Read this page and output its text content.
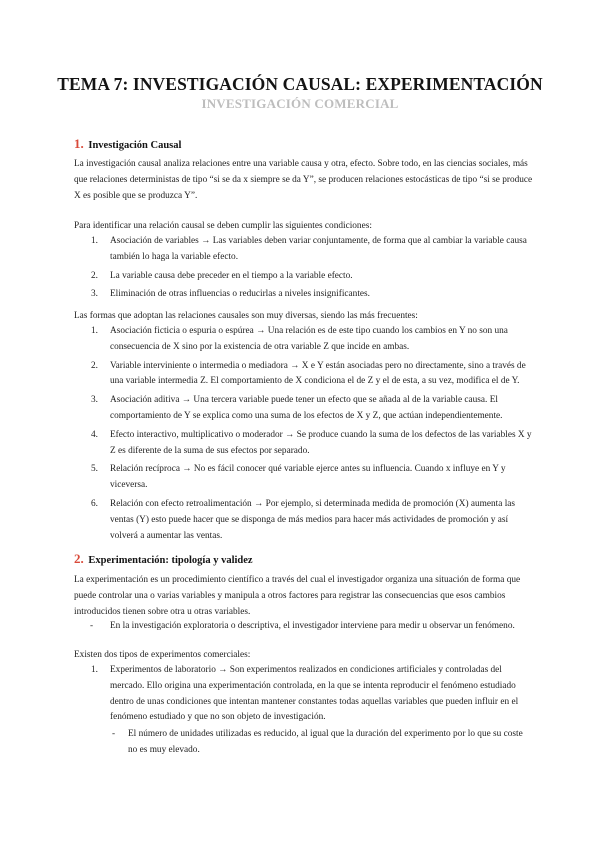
TEMA 7: INVESTIGACIÓN CAUSAL: EXPERIMENTACIÓN
INVESTIGACIÓN COMERCIAL
1. Investigación Causal
La investigación causal analiza relaciones entre una variable causa y otra, efecto. Sobre todo, en las ciencias sociales, más que relaciones deterministas de tipo “si se da x siempre se da Y”, se producen relaciones estocásticas de tipo “si se produce X es posible que se produzca Y”.
Para identificar una relación causal se deben cumplir las siguientes condiciones:
1. Asociación de variables → Las variables deben variar conjuntamente, de forma que al cambiar la variable causa también lo haga la variable efecto.
2. La variable causa debe preceder en el tiempo a la variable efecto.
3. Eliminación de otras influencias o reducirlas a niveles insignificantes.
Las formas que adoptan las relaciones causales son muy diversas, siendo las más frecuentes:
1. Asociación ficticia o espuria o espúrea → Una relación es de este tipo cuando los cambios en Y no son una consecuencia de X sino por la existencia de otra variable Z que incide en ambas.
2. Variable interviniente o intermedia o mediadora → X e Y están asociadas pero no directamente, sino a través de una variable intermedia Z. El comportamiento de X condiciona el de Z y el de esta, a su vez, modifica el de Y.
3. Asociación aditiva → Una tercera variable puede tener un efecto que se añada al de la variable causa. El comportamiento de Y se explica como una suma de los efectos de X y Z, que actúan independientemente.
4. Efecto interactivo, multiplicativo o moderador → Se produce cuando la suma de los defectos de las variables X y Z es diferente de la suma de sus efectos por separado.
5. Relación recíproca → No es fácil conocer qué variable ejerce antes su influencia. Cuando x influye en Y y viceversa.
6. Relación con efecto retroalimentación → Por ejemplo, si determinada medida de promoción (X) aumenta las ventas (Y) esto puede hacer que se disponga de más medios para hacer más actividades de promoción y así volverá a aumentar las ventas.
2. Experimentación: tipología y validez
La experimentación es un procedimiento científico a través del cual el investigador organiza una situación de forma que puede controlar una o varias variables y manipula a otros factores para registrar las consecuencias que esos cambios introducidos tienen sobre otra u otras variables.
- En la investigación exploratoria o descriptiva, el investigador interviene para medir u observar un fenómeno.
Existen dos tipos de experimentos comerciales:
1. Experimentos de laboratorio → Son experimentos realizados en condiciones artificiales y controladas del mercado. Ello origina una experimentación controlada, en la que se intenta reproducir el fenómeno estudiado dentro de unas condiciones que intentan mantener constantes todas aquellas variables que pueden influir en el fenómeno estudiado y que no son objeto de investigación.
- El número de unidades utilizadas es reducido, al igual que la duración del experimento por lo que su coste no es muy elevado.
